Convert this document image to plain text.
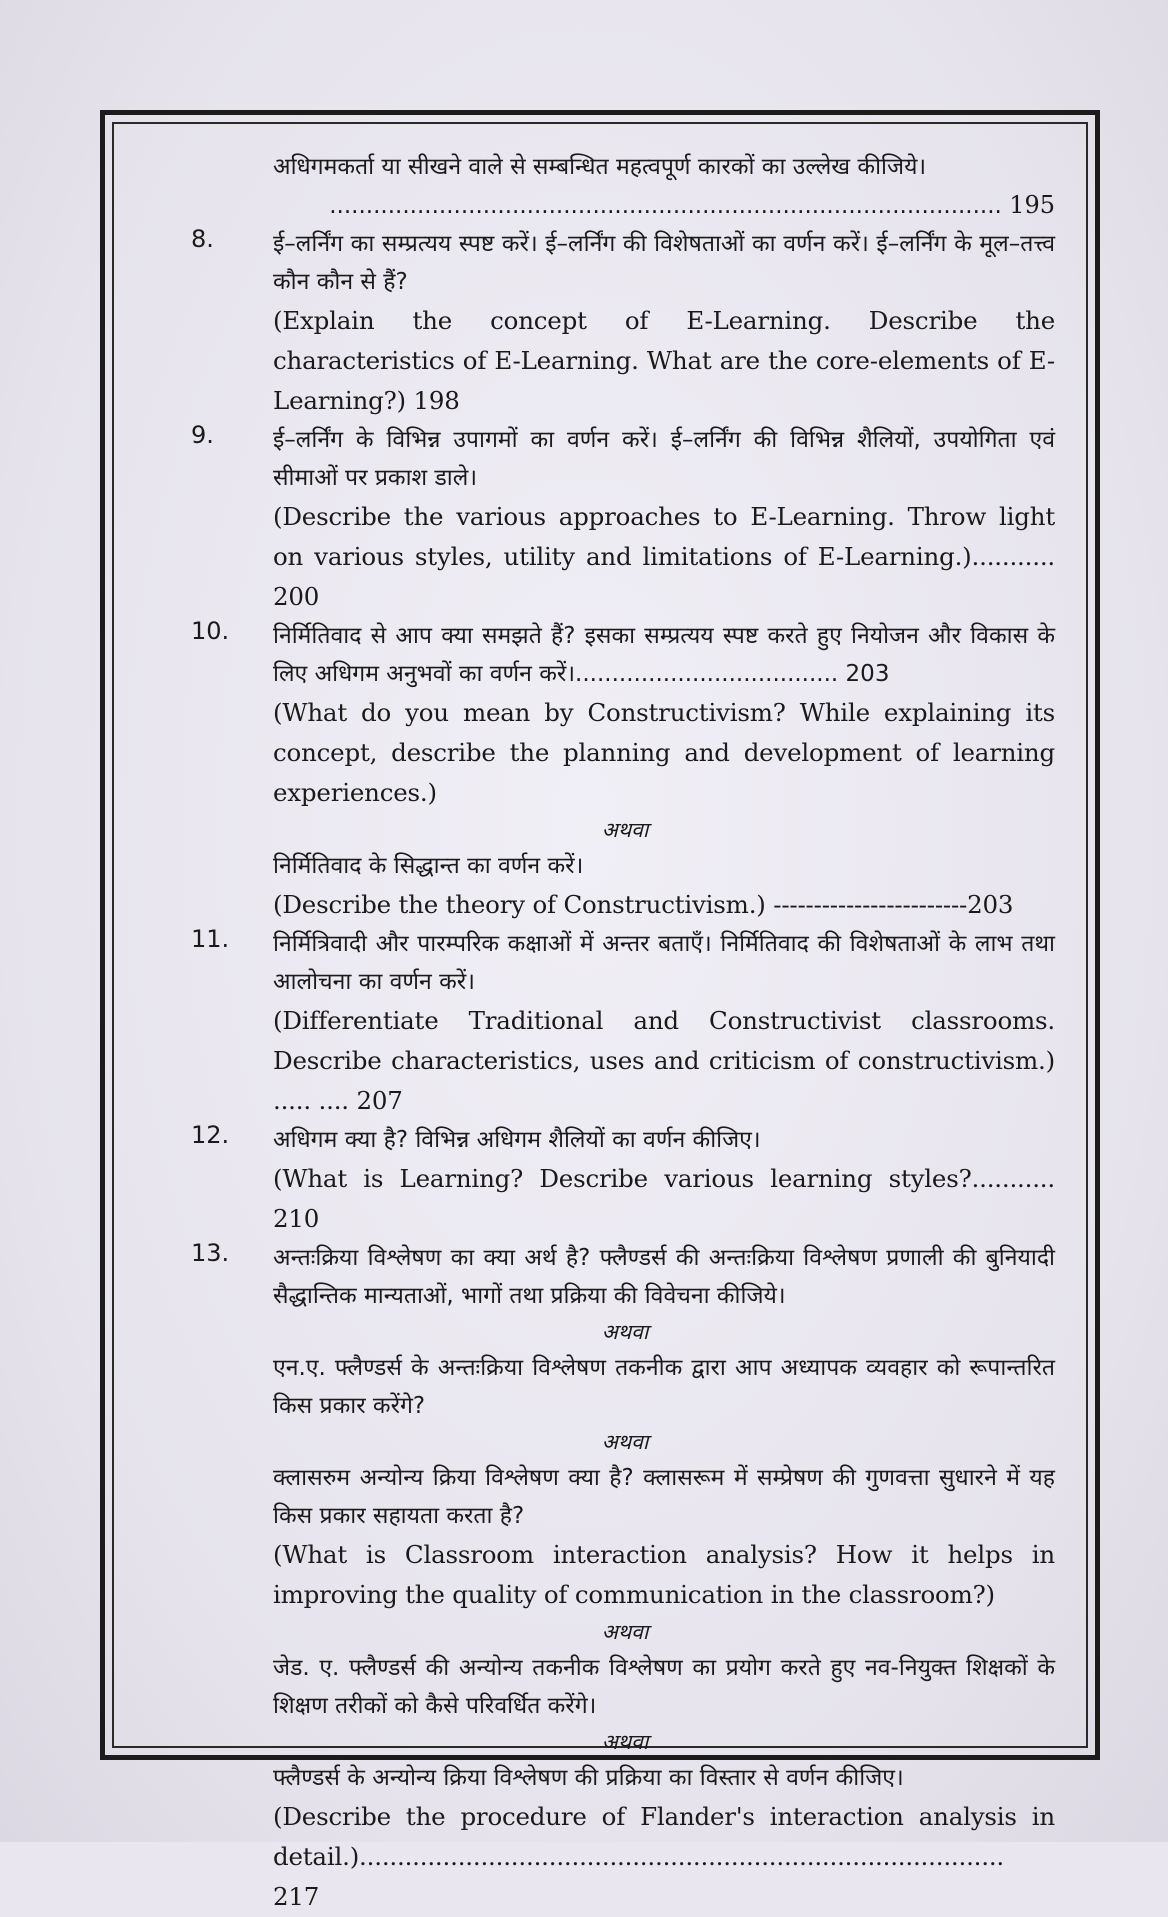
अधिगमकर्ता या सीखने वाले से सम्बन्धित महत्वपूर्ण कारकों का उल्लेख कीजिये।
............................................................................................ 195
8.	ई–लर्निंग का सम्प्रत्यय स्पष्ट करें। ई–लर्निंग की विशेषताओं का वर्णन करें। ई–लर्निंग के मूल–तत्त्व कौन कौन से हैं?
(Explain the concept of E-Learning. Describe the characteristics of E-Learning. What are the core-elements of E-Learning?) 198
9.	ई–लर्निंग के विभिन्न उपागमों का वर्णन करें। ई–लर्निंग की विभिन्न शैलियों, उपयोगिता एवं सीमाओं पर प्रकाश डाले।
(Describe the various approaches to E-Learning. Throw light on various styles, utility and limitations of E-Learning.)........... 200
10.	निर्मितिवाद से आप क्या समझते हैं? इसका सम्प्रत्यय स्पष्ट करते हुए नियोजन और विकास के लिए अधिगम अनुभवों का वर्णन करें।.................................... 203
(What do you mean by Constructivism? While explaining its concept, describe the planning and development of learning experiences.)
अथवा
निर्मितिवाद के सिद्धान्त का वर्णन करें।
(Describe the theory of Constructivism.) ------------------------203
11.	निर्मित्रिवादी और पारम्परिक कक्षाओं में अन्तर बताएँ। निर्मितिवाद की विशेषताओं के लाभ तथा आलोचना का वर्णन करें।
(Differentiate Traditional and Constructivist classrooms. Describe characteristics, uses and criticism of constructivism.) ..... .... 207
12.	अधिगम क्या है? विभिन्न अधिगम शैलियों का वर्णन कीजिए।
(What is Learning? Describe various learning styles?........... 210
13.	अन्तःक्रिया विश्लेषण का क्या अर्थ है? फ्लैण्डर्स की अन्तःक्रिया विश्लेषण प्रणाली की बुनियादी सैद्धान्तिक मान्यताओं, भागों तथा प्रक्रिया की विवेचना कीजिये।
अथवा
एन.ए. फ्लैण्डर्स के अन्तःक्रिया विश्लेषण तकनीक द्वारा आप अध्यापक व्यवहार को रूपान्तरित किस प्रकार करेंगे?
अथवा
क्लासरुम अन्योन्य क्रिया विश्लेषण क्या है? क्लासरूम में सम्प्रेषण की गुणवत्ता सुधारने में यह किस प्रकार सहायता करता है?
(What is Classroom interaction analysis? How it helps in improving the quality of communication in the classroom?)
अथवा
जेड. ए. फ्लैण्डर्स की अन्योन्य तकनीक विश्लेषण का प्रयोग करते हुए नव-नियुक्त शिक्षकों के शिक्षण तरीकों को कैसे परिवर्धित करेंगे।
अथवा
फ्लैण्डर्स के अन्योन्य क्रिया विश्लेषण की प्रक्रिया का विस्तार से वर्णन कीजिए।
(Describe the procedure of Flander's interaction analysis in detail.)..................................................................................... 217
